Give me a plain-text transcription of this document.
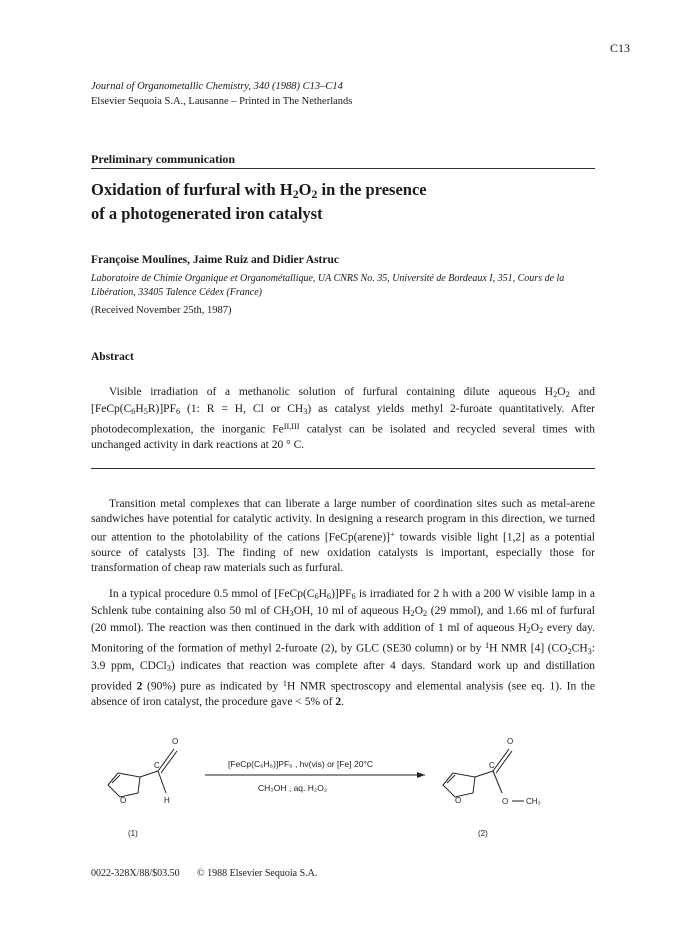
C13
Journal of Organometallic Chemistry, 340 (1988) C13–C14
Elsevier Sequoia S.A., Lausanne – Printed in The Netherlands
Preliminary communication
Oxidation of furfural with $H_2O_2$ in the presence
of a photogenerated iron catalyst
Françoise Moulines, Jaime Ruiz and Didier Astruc
Laboratoire de Chimie Organique et Organométallique, UA CNRS No. 35, Université de Bordeaux I, 351, Cours de la Libération, 33405 Talence Cédex (France)
(Received November 25th, 1987)
Abstract

Visible irradiation of a methanolic solution of furfural containing dilute aqueous $H_2O_2$ and $[FeCp(C_6H_5R)]PF_6$ (1: R = H, Cl or $CH_3$) as catalyst yields methyl 2-furoate quantitatively. After photodecomplexation, the inorganic $Fe^{II,III}$ catalyst can be isolated and recycled several times with unchanged activity in dark reactions at 20 ° C.

Transition metal complexes that can liberate a large number of coordination sites such as metal-arene sandwiches have potential for catalytic activity. In designing a research program in this direction, we turned our attention to the photolability of the cations [FeCp(arene)]+ towards visible light [1,2] as a potential source of catalysts [3]. The finding of new oxidation catalysts is important, especially those for transformation of cheap raw materials such as furfural.

In a typical procedure 0.5 mmol of $[FeCp(C_6H_6)]PF_6$ is irradiated for 2 h with a 200 W visible lamp in a Schlenk tube containing also 50 ml of $CH_3OH$, 10 ml of aqueous $H_2O_2$ (29 mmol), and 1.66 ml of furfural (20 mmol). The reaction was then continued in the dark with addition of 1 ml of aqueous $H_2O_2$ every day. Monitoring of the formation of methyl 2-furoate (2), by GLC (SE30 column) or by $^1$H NMR [4] ($CO_2CH_3$: 3.9 ppm, CDCl$_3$) indicates that reaction was complete after 4 days. Standard work up and distillation provided 2 (90%) pure as indicated by $^1$H NMR spectroscopy and elemental analysis (see eq. 1). In the absence of iron catalyst, the procedure gave < 5% of 2.

O
O
C
H
(1)
[FeCp(C₆H₆)]PF₆ , hν(vis) or [Fe] 20°C
CH₃OH , aq. H₂O₂
O
O
C
O CH₃
(2)
0022-328X/88/$03.50 © 1988 Elsevier Sequoia S.A.
